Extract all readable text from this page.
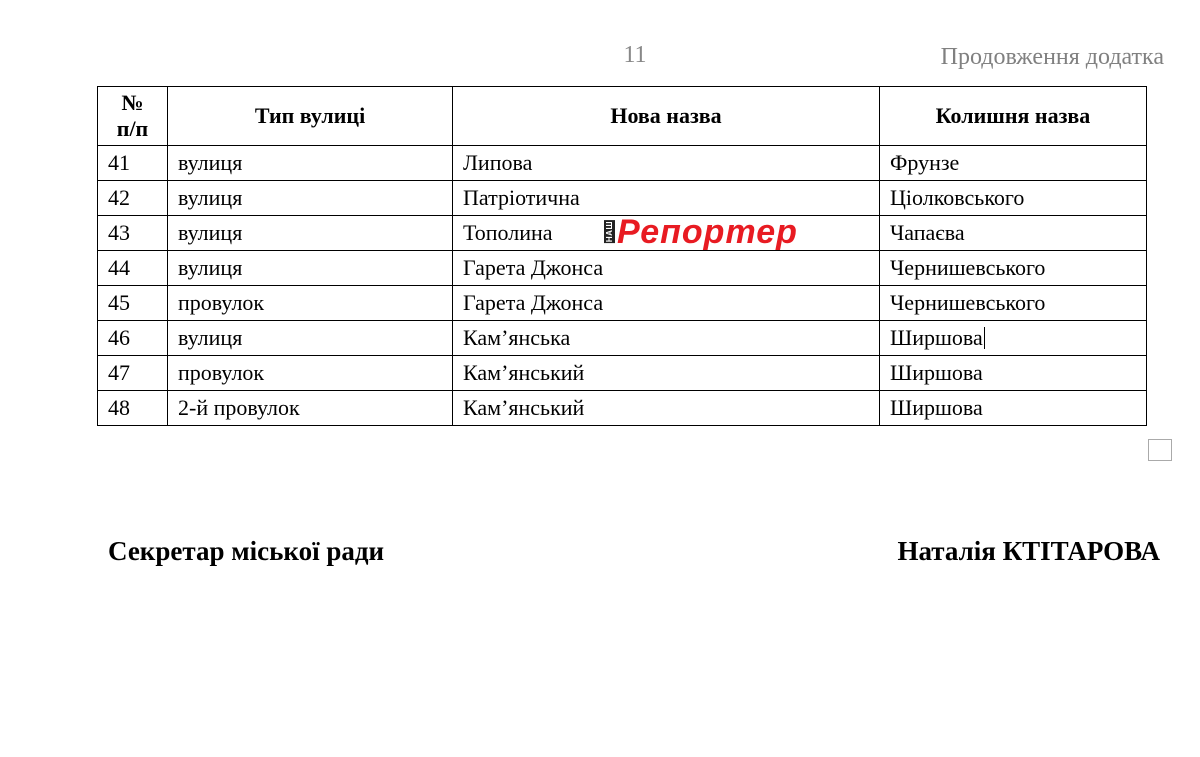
11	Продовження додатка
№
п/п	Тип вулиці	Нова назва	Колишня назва
41	вулиця	Липова	Фрунзе
42	вулиця	Патріотична	Ціолковського
43	вулиця	Тополина	Чапаєва
44	вулиця	Гарета Джонса	Чернишевського
45	провулок	Гарета Джонса	Чернишевського
46	вулиця	Кам’янська	Ширшова
47	провулок	Кам’янський	Ширшова
48	2-й провулок	Кам’янський	Ширшова
НАШ Репортер
Секретар міської ради	Наталія КТІТАРОВА
